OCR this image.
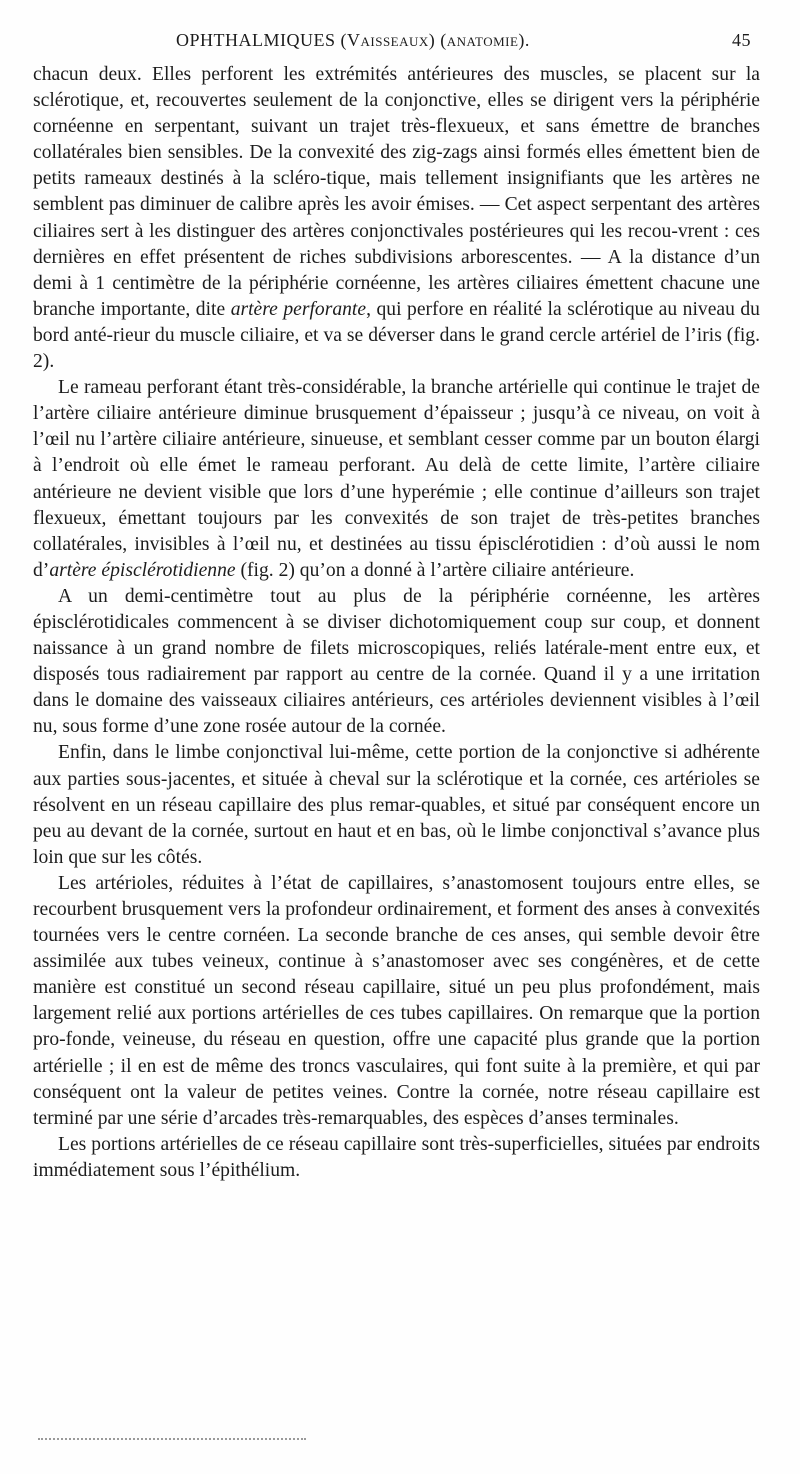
OPHTHALMIQUES (Vaisseaux) (anatomie).	45

chacun deux. Elles perforent les extrémités antérieures des muscles, se placent sur la sclérotique, et, recouvertes seulement de la conjonctive, elles se dirigent vers la périphérie cornéenne en serpentant, suivant un trajet très-flexueux, et sans émettre de branches collatérales bien sensibles. De la convexité des zig-zags ainsi formés elles émettent bien de petits rameaux destinés à la scléro-tique, mais tellement insignifiants que les artères ne semblent pas diminuer de calibre après les avoir émises. — Cet aspect serpentant des artères ciliaires sert à les distinguer des artères conjonctivales postérieures qui les recou-vrent : ces dernières en effet présentent de riches subdivisions arborescentes. — A la distance d’un demi à 1 centimètre de la périphérie cornéenne, les artères ciliaires émettent chacune une branche importante, dite artère perforante, qui perfore en réalité la sclérotique au niveau du bord anté-rieur du muscle ciliaire, et va se déverser dans le grand cercle artériel de l’iris (fig. 2).

Le rameau perforant étant très-considérable, la branche artérielle qui continue le trajet de l’artère ciliaire antérieure diminue brusquement d’épaisseur ; jusqu’à ce niveau, on voit à l’œil nu l’artère ciliaire antérieure, sinueuse, et semblant cesser comme par un bouton élargi à l’endroit où elle émet le rameau perforant. Au delà de cette limite, l’artère ciliaire antérieure ne devient visible que lors d’une hyperémie ; elle continue d’ailleurs son trajet flexueux, émettant toujours par les convexités de son trajet de très-petites branches collatérales, invisibles à l’œil nu, et destinées au tissu épisclérotidien : d’où aussi le nom d’artère épisclérotidienne (fig. 2) qu’on a donné à l’artère ciliaire antérieure.

A un demi-centimètre tout au plus de la périphérie cornéenne, les artères épisclérotidicales commencent à se diviser dichotomiquement coup sur coup, et donnent naissance à un grand nombre de filets microscopiques, reliés latérale-ment entre eux, et disposés tous radiairement par rapport au centre de la cornée. Quand il y a une irritation dans le domaine des vaisseaux ciliaires antérieurs, ces artérioles deviennent visibles à l’œil nu, sous forme d’une zone rosée autour de la cornée.

Enfin, dans le limbe conjonctival lui-même, cette portion de la conjonctive si adhérente aux parties sous-jacentes, et située à cheval sur la sclérotique et la cornée, ces artérioles se résolvent en un réseau capillaire des plus remar-quables, et situé par conséquent encore un peu au devant de la cornée, surtout en haut et en bas, où le limbe conjonctival s’avance plus loin que sur les côtés.

Les artérioles, réduites à l’état de capillaires, s’anastomosent toujours entre elles, se recourbent brusquement vers la profondeur ordinairement, et forment des anses à convexités tournées vers le centre cornéen. La seconde branche de ces anses, qui semble devoir être assimilée aux tubes veineux, continue à s’anastomoser avec ses congénères, et de cette manière est constitué un second réseau capillaire, situé un peu plus profondément, mais largement relié aux portions artérielles de ces tubes capillaires. On remarque que la portion pro-fonde, veineuse, du réseau en question, offre une capacité plus grande que la portion artérielle ; il en est de même des troncs vasculaires, qui font suite à la première, et qui par conséquent ont la valeur de petites veines. Contre la cornée, notre réseau capillaire est terminé par une série d’arcades très-remarquables, des espèces d’anses terminales.

Les portions artérielles de ce réseau capillaire sont très-superficielles, situées par endroits immédiatement sous l’épithélium.
